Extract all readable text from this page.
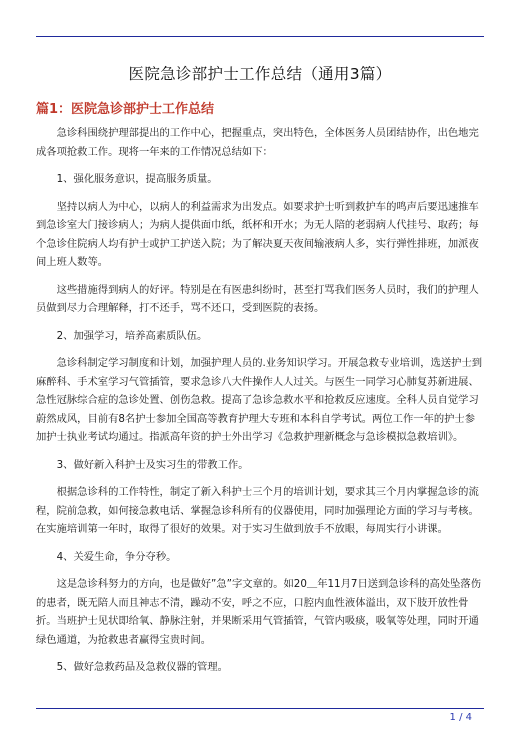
医院急诊部护士工作总结（通用3篇）
篇1：医院急诊部护士工作总结

急诊科围绕护理部提出的工作中心，把握重点，突出特色，全体医务人员团结协作，出色地完成各项抢救工作。现将一年来的工作情况总结如下：

1、强化服务意识，提高服务质量。

坚持以病人为中心，以病人的利益需求为出发点。如要求护士听到救护车的鸣声后要迅速推车到急诊室大门接诊病人；为病人提供面巾纸，纸杯和开水；为无人陪的老弱病人代挂号、取药；每个急诊住院病人均有护士或护工护送入院；为了解决夏天夜间输液病人多，实行弹性排班，加派夜间上班人数等。

这些措施得到病人的好评。特别是在有医患纠纷时，甚至打骂我们医务人员时，我们的护理人员做到尽力合理解释，打不还手，骂不还口，受到医院的表扬。

2、加强学习，培养高素质队伍。

急诊科制定学习制度和计划，加强护理人员的.业务知识学习。开展急救专业培训，选送护士到麻醉科、手术室学习气管插管，要求急诊八大件操作人人过关。与医生一同学习心肺复苏新进展、急性冠脉综合症的急诊处置、创伤急救。提高了急诊急救水平和抢救反应速度。全科人员自觉学习蔚然成风，目前有8名护士参加全国高等教育护理大专班和本科自学考试。两位工作一年的护士参加护士执业考试均通过。指派高年资的护士外出学习《急救护理新概念与急诊模拟急救培训》。

3、做好新入科护士及实习生的带教工作。

根据急诊科的工作特性，制定了新入科护士三个月的培训计划，要求其三个月内掌握急诊的流程，院前急救，如何接急救电话、掌握急诊科所有的仪器使用，同时加强理论方面的学习与考核。在实施培训第一年时，取得了很好的效果。对于实习生做到放手不放眼，每周实行小讲课。

4、关爱生命，争分夺秒。

这是急诊科努力的方向，也是做好”急”字文章的。如20＿年11月7日送到急诊科的高处坠落伤的患者，既无陪人而且神志不清，躁动不安，呼之不应，口腔内血性液体溢出，双下肢开放性骨折。当班护士见状即给氧、静脉注射，并果断采用气管插管，气管内吸痰，吸氧等处理，同时开通绿色通道，为抢救患者赢得宝贵时间。

5、做好急救药品及急救仪器的管理。

1 / 4
